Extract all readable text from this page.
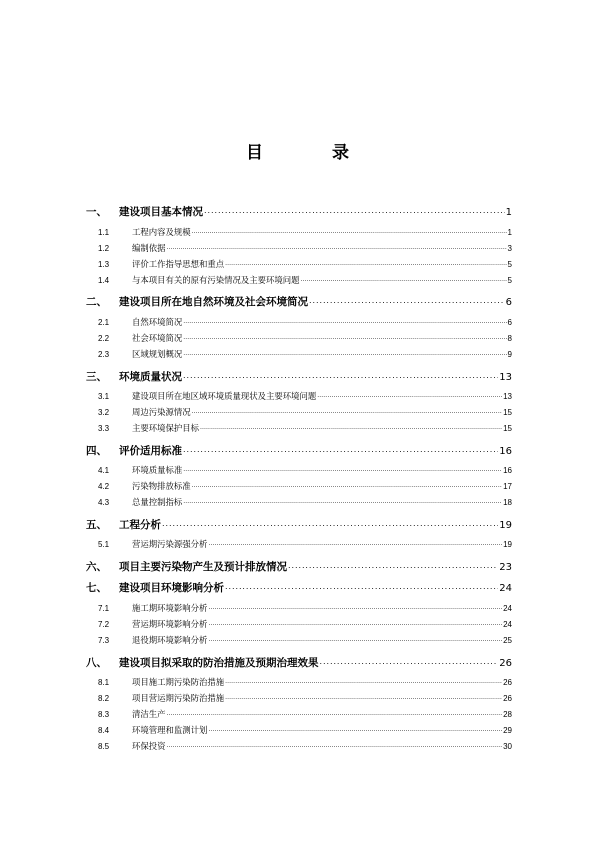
目　录
一、	建设项目基本情况 . . .	1
1.1	工程内容及规模 . . .	1
1.2	编制依据 . . .	3
1.3	评价工作指导思想和重点 . . .	5
1.4	与本项目有关的原有污染情况及主要环境问题 . . .	5
二、	建设项目所在地自然环境及社会环境简况 . . .	6
2.1	自然环境简况 . . .	6
2.2	社会环境简况 . . .	8
2.3	区域规划概况 . . .	9
三、	环境质量状况 . . .	13
3.1	建设项目所在地区域环境质量现状及主要环境问题 . . .	13
3.2	周边污染源情况 . . .	15
3.3	主要环境保护目标 . . .	15
四、	评价适用标准 . . .	16
4.1	环境质量标准 . . .	16
4.2	污染物排放标准 . . .	17
4.3	总量控制指标 . . .	18
五、	工程分析 . . .	19
5.1	营运期污染源强分析 . . .	19
六、	项目主要污染物产生及预计排放情况 . . .	23
七、	建设项目环境影响分析 . . .	24
7.1	施工期环境影响分析 . . .	24
7.2	营运期环境影响分析 . . .	24
7.3	退役期环境影响分析 . . .	25
八、	建设项目拟采取的防治措施及预期治理效果 . . .	26
8.1	项目施工期污染防治措施 . . .	26
8.2	项目营运期污染防治措施 . . .	26
8.3	清洁生产 . . .	28
8.4	环境管理和监测计划 . . .	29
8.5	环保投资 . . .	30
